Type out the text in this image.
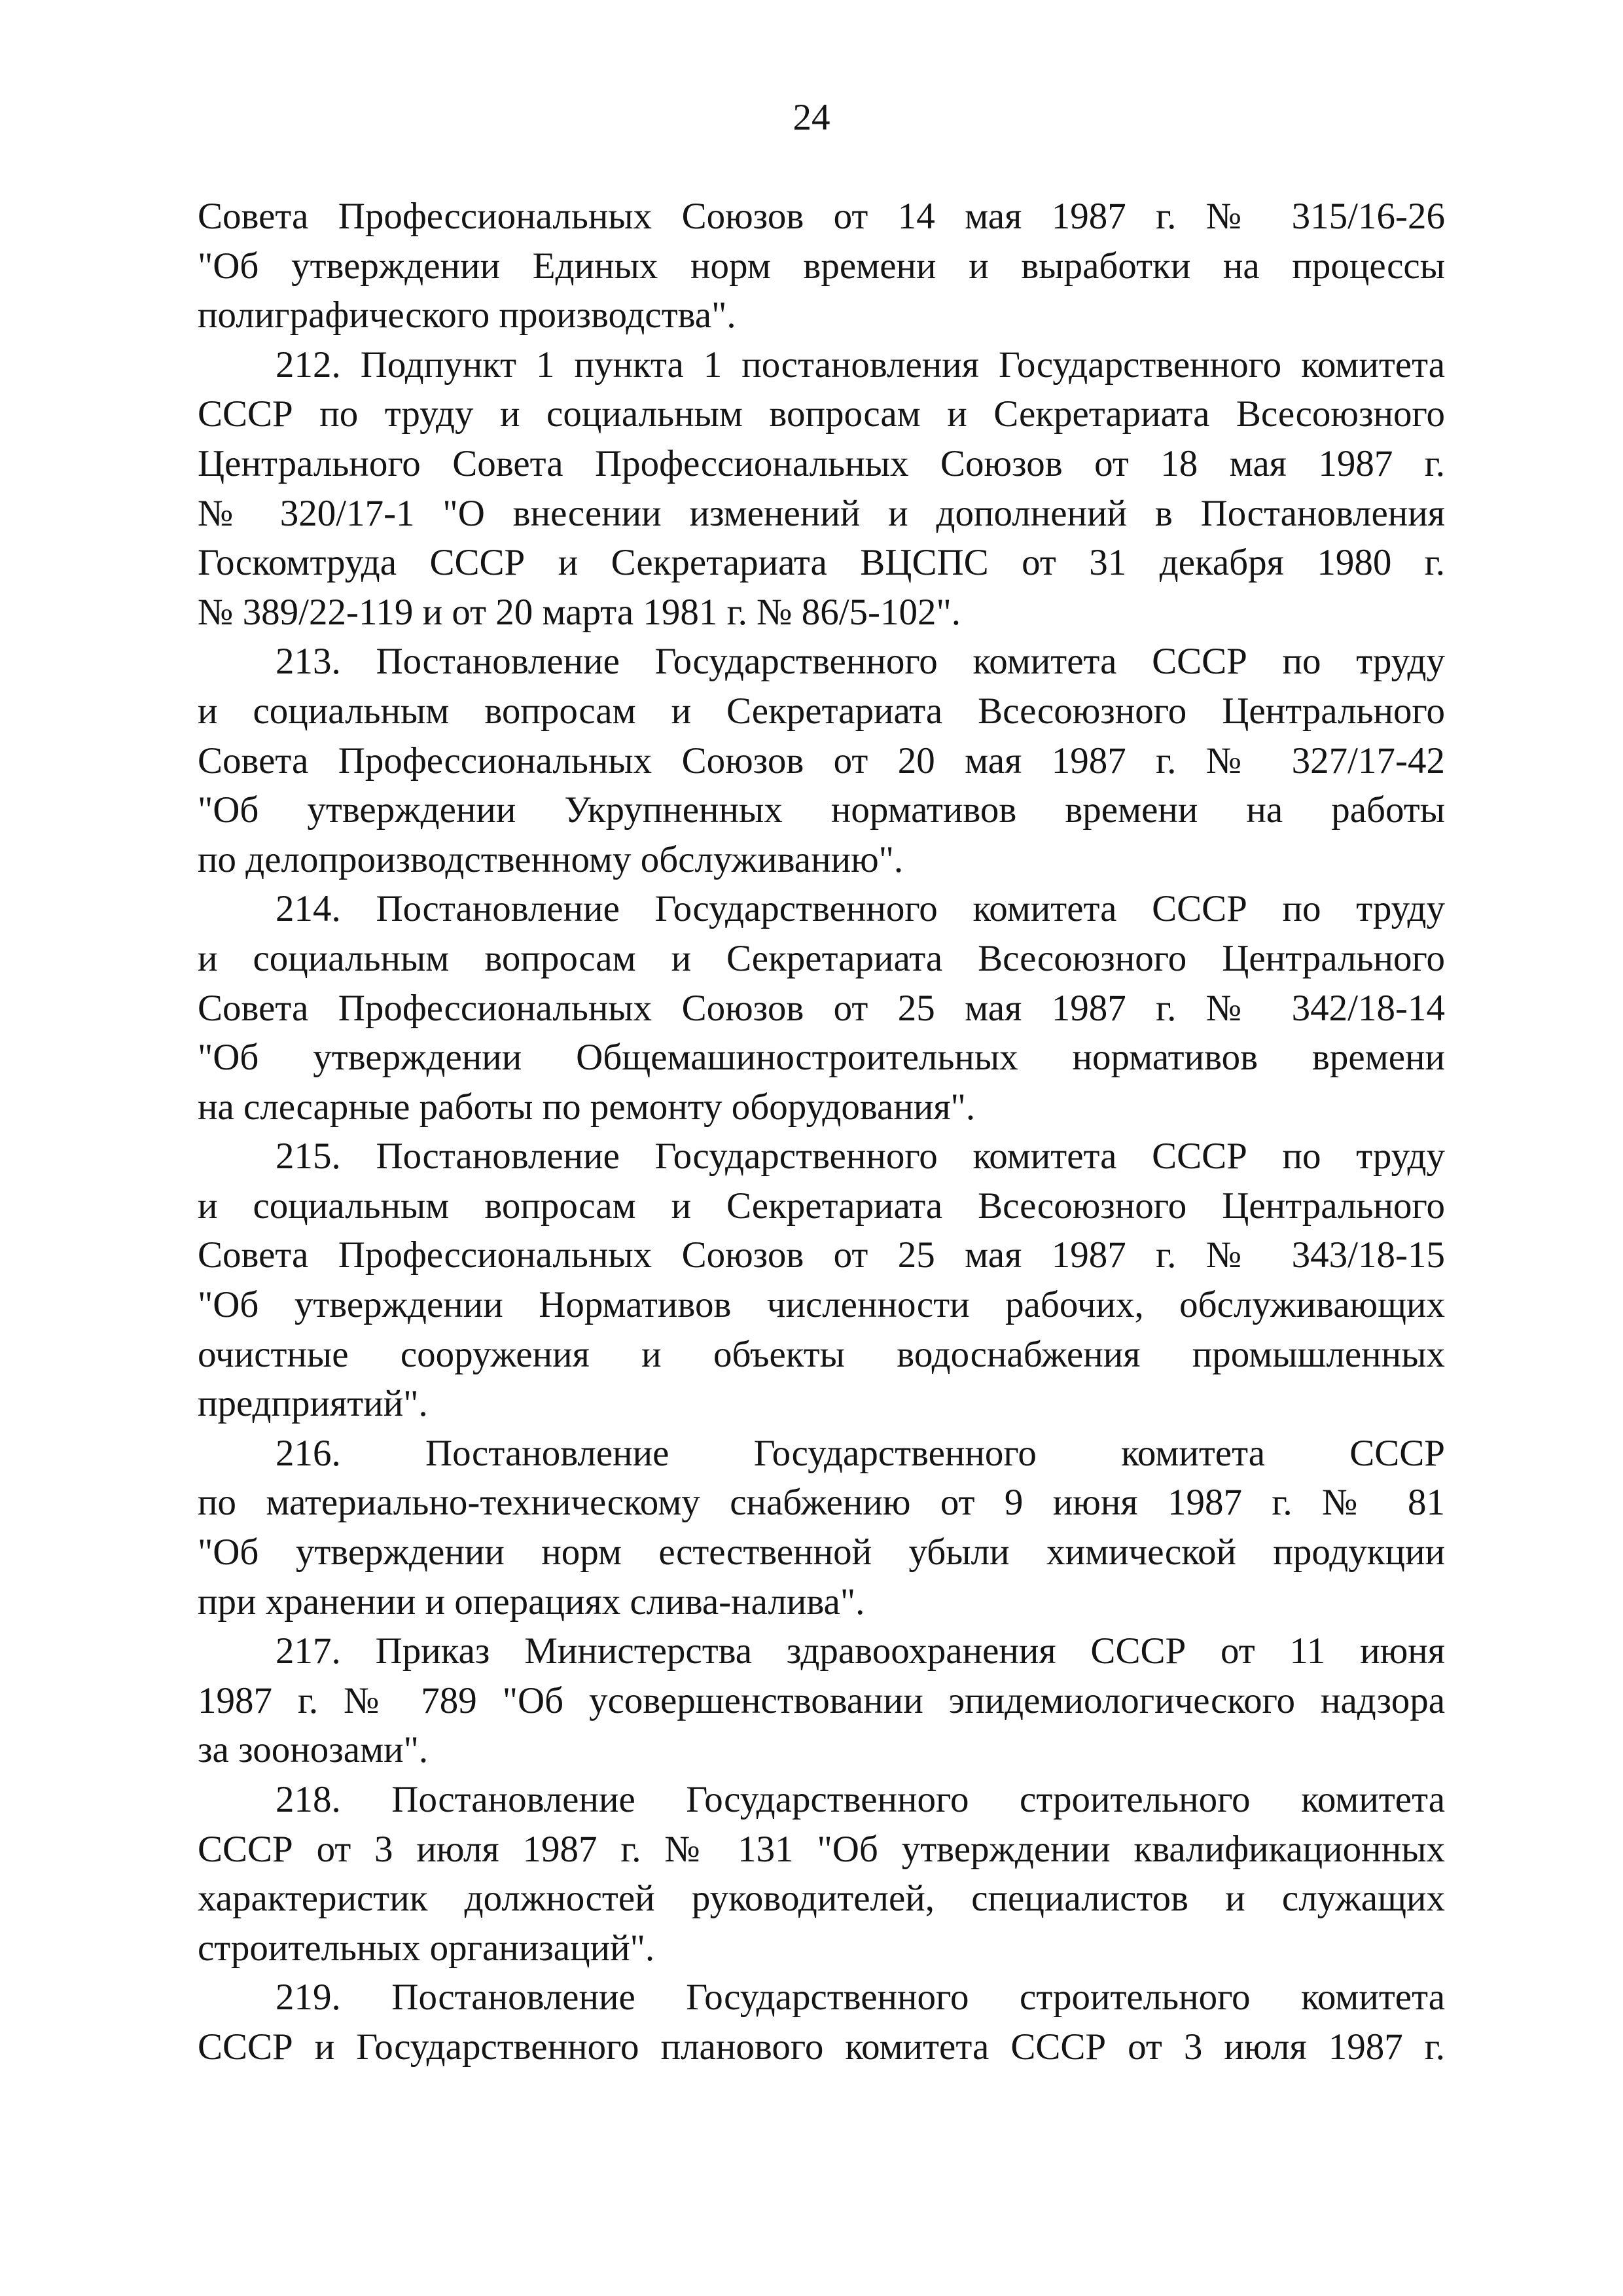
24
Совета Профессиональных Союзов от 14 мая 1987 г. № 315/16-26
"Об утверждении Единых норм времени и выработки на процессы
полиграфического производства".
212. Подпункт 1 пункта 1 постановления Государственного комитета
СССР по труду и социальным вопросам и Секретариата Всесоюзного
Центрального Совета Профессиональных Союзов от 18 мая 1987 г.
№ 320/17-1 "О внесении изменений и дополнений в Постановления
Госкомтруда СССР и Секретариата ВЦСПС от 31 декабря 1980 г.
№ 389/22-119 и от 20 марта 1981 г. № 86/5-102".
213. Постановление Государственного комитета СССР по труду
и социальным вопросам и Секретариата Всесоюзного Центрального
Совета Профессиональных Союзов от 20 мая 1987 г. № 327/17-42
"Об утверждении Укрупненных нормативов времени на работы
по делопроизводственному обслуживанию".
214. Постановление Государственного комитета СССР по труду
и социальным вопросам и Секретариата Всесоюзного Центрального
Совета Профессиональных Союзов от 25 мая 1987 г. № 342/18-14
"Об утверждении Общемашиностроительных нормативов времени
на слесарные работы по ремонту оборудования".
215. Постановление Государственного комитета СССР по труду
и социальным вопросам и Секретариата Всесоюзного Центрального
Совета Профессиональных Союзов от 25 мая 1987 г. № 343/18-15
"Об утверждении Нормативов численности рабочих, обслуживающих
очистные сооружения и объекты водоснабжения промышленных
предприятий".
216. Постановление Государственного комитета СССР
по материально-техническому снабжению от 9 июня 1987 г. № 81
"Об утверждении норм естественной убыли химической продукции
при хранении и операциях слива-налива".
217. Приказ Министерства здравоохранения СССР от 11 июня
1987 г. № 789 "Об усовершенствовании эпидемиологического надзора
за зоонозами".
218. Постановление Государственного строительного комитета
СССР от 3 июля 1987 г. № 131 "Об утверждении квалификационных
характеристик должностей руководителей, специалистов и служащих
строительных организаций".
219. Постановление Государственного строительного комитета
СССР и Государственного планового комитета СССР от 3 июля 1987 г.
